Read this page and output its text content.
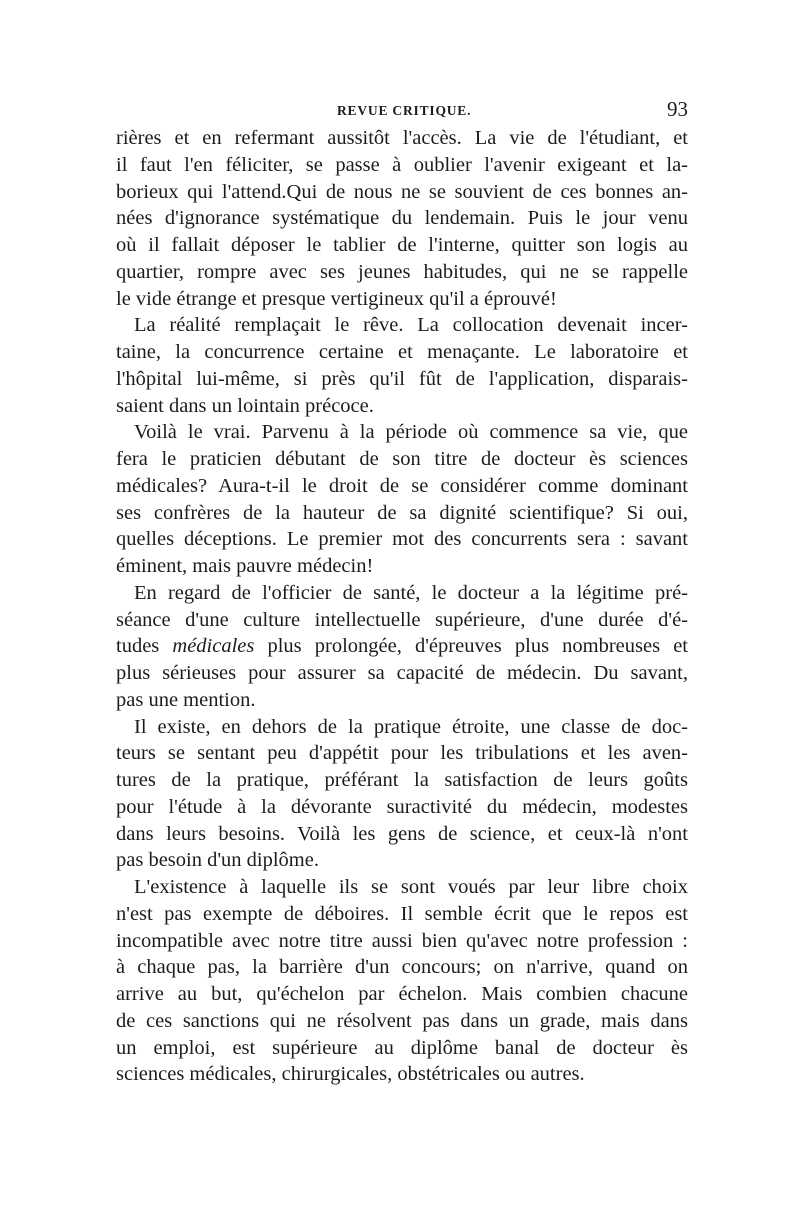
REVUE CRITIQUE.	93
rières et en refermant aussitôt l'accès. La vie de l'étudiant, et
il faut l'en féliciter, se passe à oublier l'avenir exigeant et la-
borieux qui l'attend.Qui de nous ne se souvient de ces bonnes an-
nées d'ignorance systématique du lendemain. Puis le jour venu
où il fallait déposer le tablier de l'interne, quitter son logis au
quartier, rompre avec ses jeunes habitudes, qui ne se rappelle
le vide étrange et presque vertigineux qu'il a éprouvé!
La réalité remplaçait le rêve. La collocation devenait incer-
taine, la concurrence certaine et menaçante. Le laboratoire et
l'hôpital lui-même, si près qu'il fût de l'application, disparais-
saient dans un lointain précoce.
Voilà le vrai. Parvenu à la période où commence sa vie, que
fera le praticien débutant de son titre de docteur ès sciences
médicales? Aura-t-il le droit de se considérer comme dominant
ses confrères de la hauteur de sa dignité scientifique? Si oui,
quelles déceptions. Le premier mot des concurrents sera : savant
éminent, mais pauvre médecin!
En regard de l'officier de santé, le docteur a la légitime pré-
séance d'une culture intellectuelle supérieure, d'une durée d'é-
tudes médicales plus prolongée, d'épreuves plus nombreuses et
plus sérieuses pour assurer sa capacité de médecin. Du savant,
pas une mention.
Il existe, en dehors de la pratique étroite, une classe de doc-
teurs se sentant peu d'appétit pour les tribulations et les aven-
tures de la pratique, préférant la satisfaction de leurs goûts
pour l'étude à la dévorante suractivité du médecin, modestes
dans leurs besoins. Voilà les gens de science, et ceux-là n'ont
pas besoin d'un diplôme.
L'existence à laquelle ils se sont voués par leur libre choix
n'est pas exempte de déboires. Il semble écrit que le repos est
incompatible avec notre titre aussi bien qu'avec notre profession :
à chaque pas, la barrière d'un concours; on n'arrive, quand on
arrive au but, qu'échelon par échelon. Mais combien chacune
de ces sanctions qui ne résolvent pas dans un grade, mais dans
un emploi, est supérieure au diplôme banal de docteur ès
sciences médicales, chirurgicales, obstétricales ou autres.
